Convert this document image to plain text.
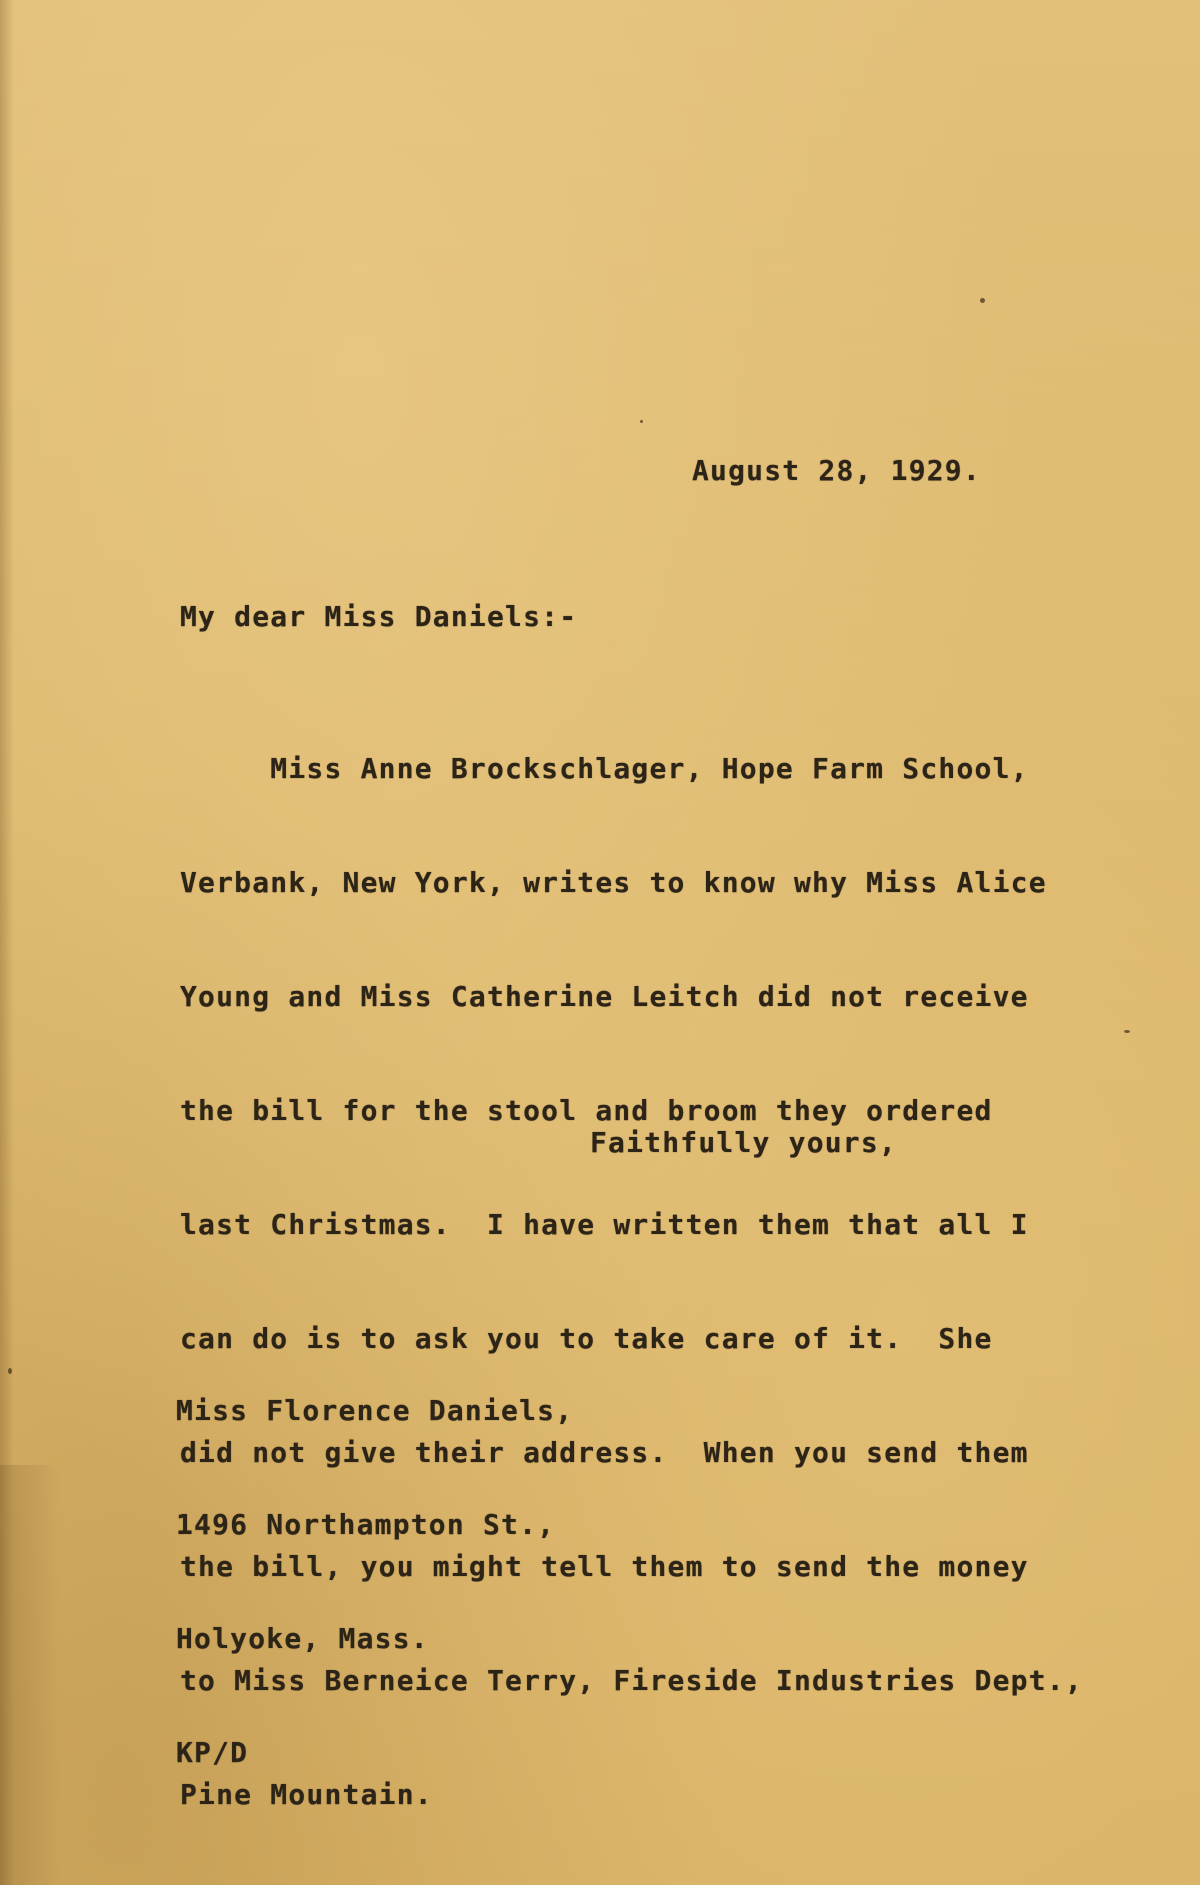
August 28, 1929.

My dear Miss Daniels:-

Miss Anne Brockschlager, Hope Farm School,

Verbank, New York, writes to know why Miss Alice

Young and Miss Catherine Leitch did not receive

the bill for the stool and broom they ordered

last Christmas.  I have written them that all I

can do is to ask you to take care of it.  She

did not give their address.  When you send them

the bill, you might tell them to send the money

to Miss Berneice Terry, Fireside Industries Dept.,

Pine Mountain.

Faithfully yours,

Miss Florence Daniels,

1496 Northampton St.,

Holyoke, Mass.

KP/D
